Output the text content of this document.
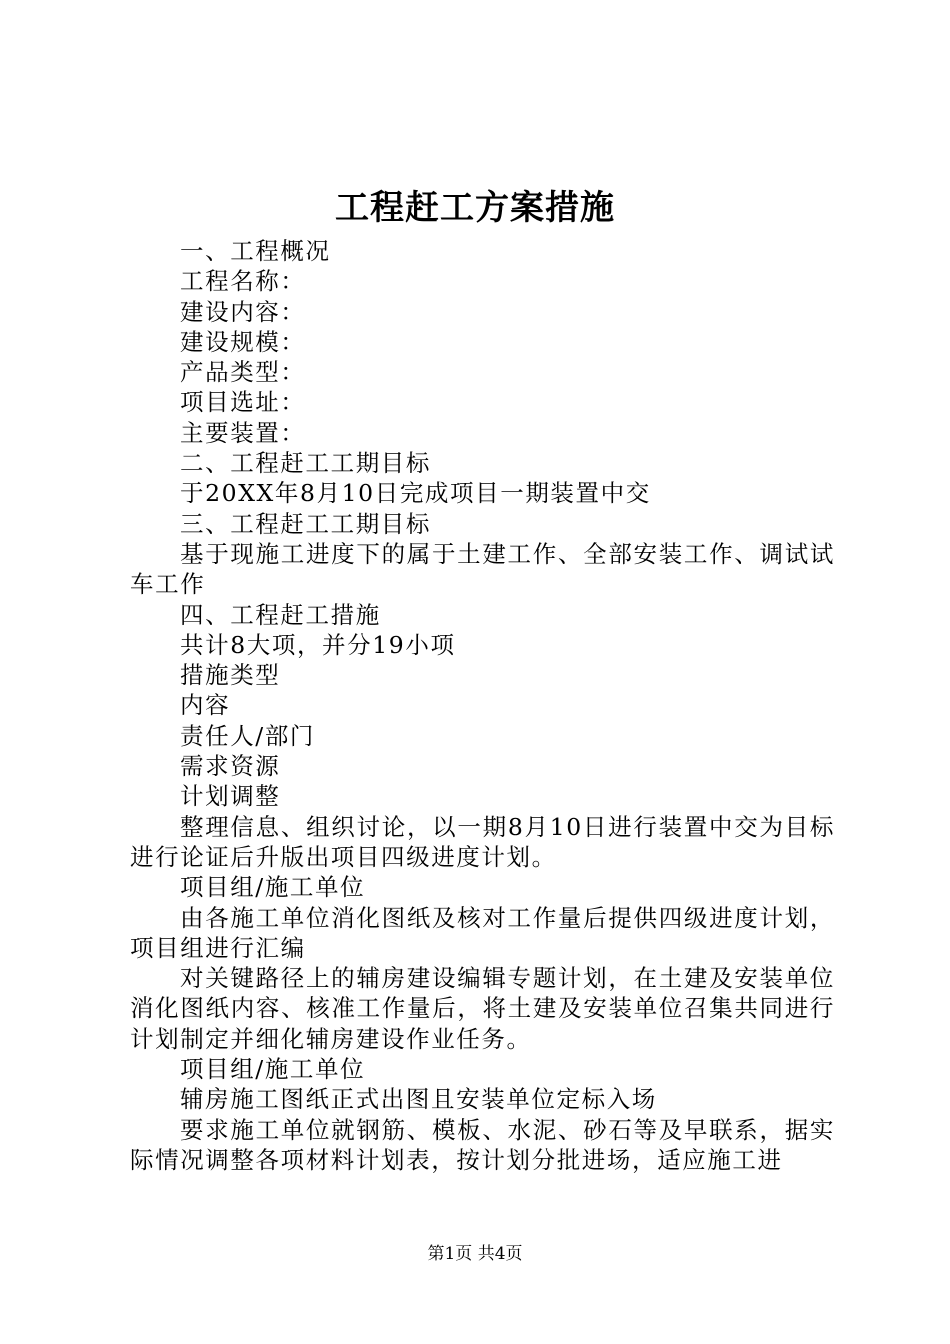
工程赶工方案措施

一、工程概况

工程名称：

建设内容：

建设规模：

产品类型：

项目选址：

主要装置：

二、工程赶工工期目标

于20XX年8月10日完成项目一期装置中交

三、工程赶工工期目标

基于现施工进度下的属于土建工作、全部安装工作、调试试车工作

四、工程赶工措施

共计8大项，并分19小项

措施类型

内容

责任人/部门

需求资源

计划调整

整理信息、组织讨论，以一期8月10日进行装置中交为目标进行论证后升版出项目四级进度计划。

项目组/施工单位

由各施工单位消化图纸及核对工作量后提供四级进度计划，项目组进行汇编

对关键路径上的辅房建设编辑专题计划，在土建及安装单位消化图纸内容、核准工作量后，将土建及安装单位召集共同进行计划制定并细化辅房建设作业任务。

项目组/施工单位

辅房施工图纸正式出图且安装单位定标入场

要求施工单位就钢筋、模板、水泥、砂石等及早联系，据实际情况调整各项材料计划表，按计划分批进场，适应施工进

第1页 共4页
